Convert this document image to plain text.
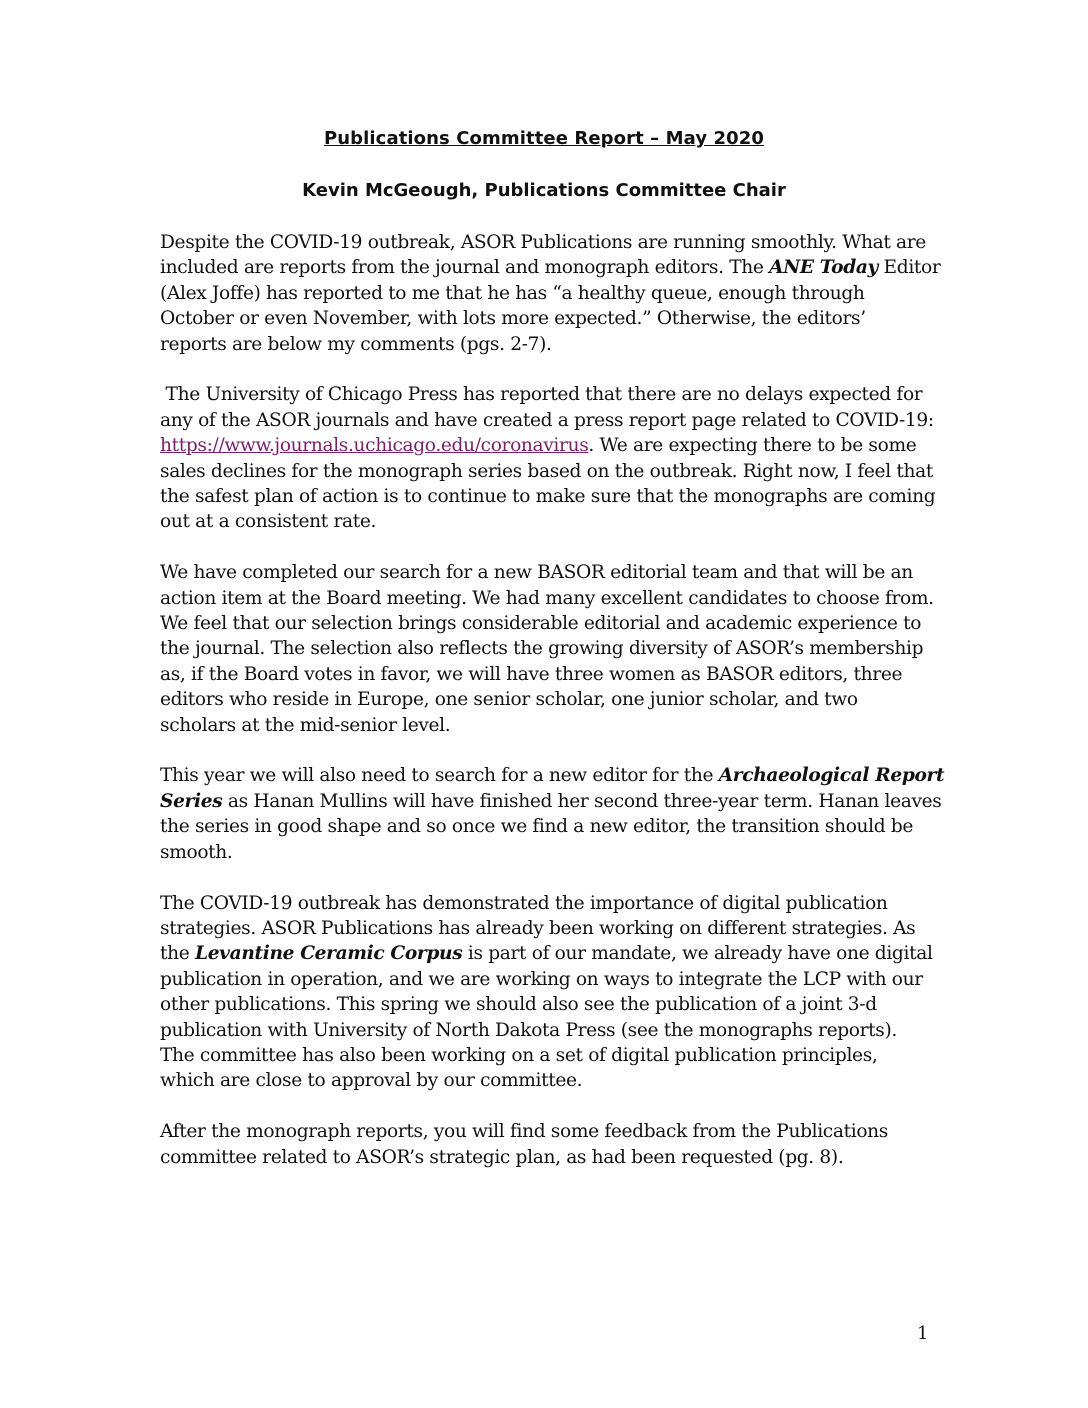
Publications Committee Report – May 2020
Kevin McGeough, Publications Committee Chair

Despite the COVID-19 outbreak, ASOR Publications are running smoothly. What are
included are reports from the journal and monograph editors. The ANE Today Editor
(Alex Joffe) has reported to me that he has “a healthy queue, enough through
October or even November, with lots more expected.” Otherwise, the editors’
reports are below my comments (pgs. 2-7).

The University of Chicago Press has reported that there are no delays expected for
any of the ASOR journals and have created a press report page related to COVID-19:
https://www.journals.uchicago.edu/coronavirus. We are expecting there to be some
sales declines for the monograph series based on the outbreak. Right now, I feel that
the safest plan of action is to continue to make sure that the monographs are coming
out at a consistent rate.

We have completed our search for a new BASOR editorial team and that will be an
action item at the Board meeting. We had many excellent candidates to choose from.
We feel that our selection brings considerable editorial and academic experience to
the journal. The selection also reflects the growing diversity of ASOR’s membership
as, if the Board votes in favor, we will have three women as BASOR editors, three
editors who reside in Europe, one senior scholar, one junior scholar, and two
scholars at the mid-senior level.

This year we will also need to search for a new editor for the Archaeological Report
Series as Hanan Mullins will have finished her second three-year term. Hanan leaves
the series in good shape and so once we find a new editor, the transition should be
smooth.

The COVID-19 outbreak has demonstrated the importance of digital publication
strategies. ASOR Publications has already been working on different strategies. As
the Levantine Ceramic Corpus is part of our mandate, we already have one digital
publication in operation, and we are working on ways to integrate the LCP with our
other publications. This spring we should also see the publication of a joint 3-d
publication with University of North Dakota Press (see the monographs reports).
The committee has also been working on a set of digital publication principles,
which are close to approval by our committee.

After the monograph reports, you will find some feedback from the Publications
committee related to ASOR’s strategic plan, as had been requested (pg. 8).

1
